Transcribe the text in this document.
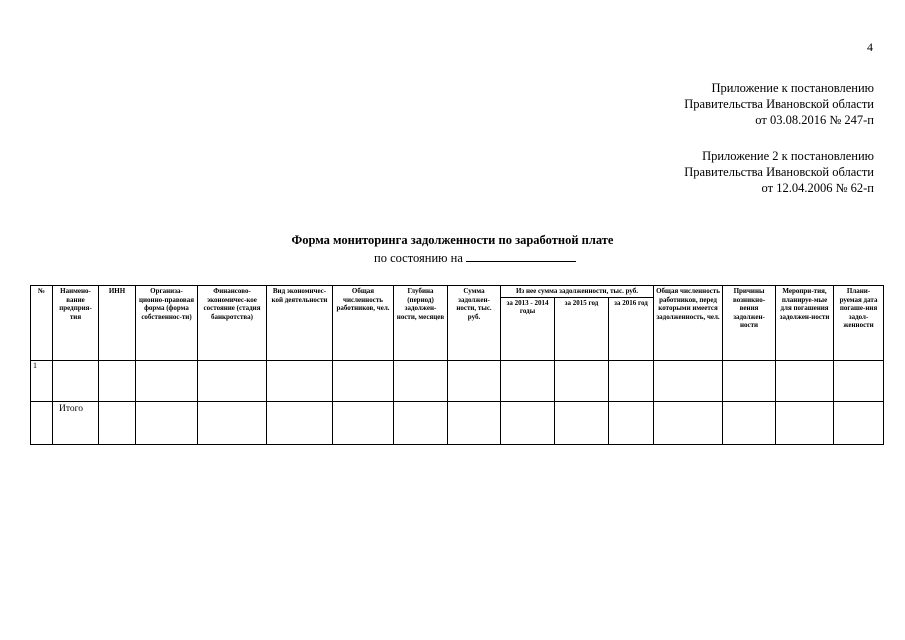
4
Приложение к постановлению
Правительства Ивановской области
от 03.08.2016 № 247-п
Приложение 2 к постановлению
Правительства Ивановской области
от 12.04.2006 № 62-п
Форма мониторинга задолженности по заработной плате
по состоянию на
№	Наимено-вание предприя-тия	ИНН	Организа-ционно-правовая форма (форма собственнос-ти)	Финансово-экономичес-кое состояние (стадия банкротства)	Вид экономичес-кой деятельности	Общая численность работников, чел.	Глубина (период) задолжен-ности, месяцев	Сумма задолжен-ности, тыс. руб.	Из нее сумма задолженности, тыс. руб.			Общая численность работников, перед которыми имеется задолженность, чел.	Причины возникно-вения задолжен-ности	Меропри-тия, планируе-мые для погашения задолжен-ности	Плани-руемая дата погаше-ния задол-женности
									за 2013 - 2014 годы	за 2015 год	за 2016 год				
1															
	Итого														
